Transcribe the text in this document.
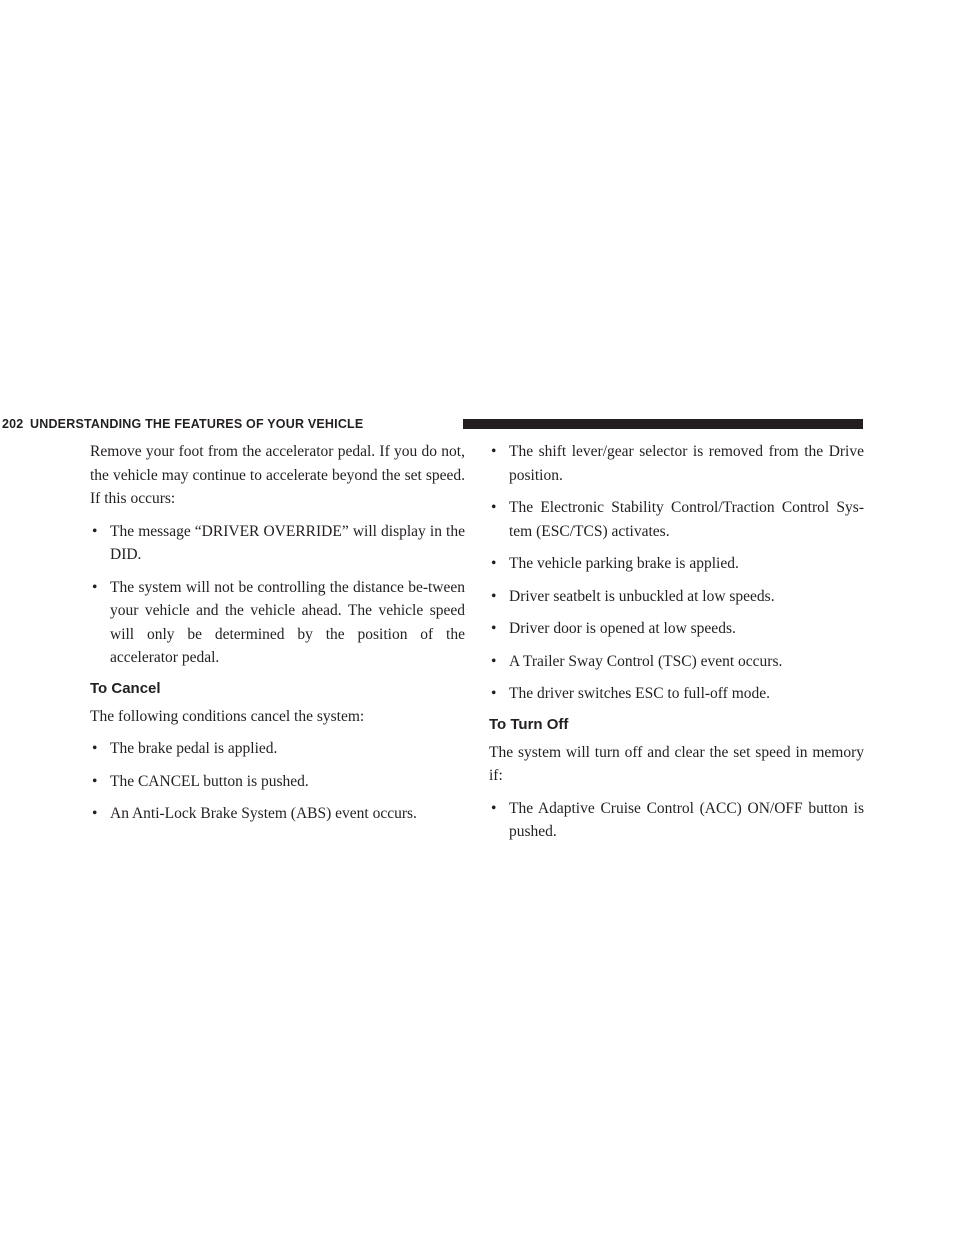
202 UNDERSTANDING THE FEATURES OF YOUR VEHICLE

Remove your foot from the accelerator pedal. If you do not, the vehicle may continue to accelerate beyond the set speed. If this occurs:

• The message “DRIVER OVERRIDE” will display in the DID.
• The system will not be controlling the distance be-tween your vehicle and the vehicle ahead. The vehicle speed will only be determined by the position of the accelerator pedal.
To Cancel

The following conditions cancel the system:

• The brake pedal is applied.
• The CANCEL button is pushed.
• An Anti-Lock Brake System (ABS) event occurs.
• The shift lever/gear selector is removed from the Drive position.
• The Electronic Stability Control/Traction Control Sys-tem (ESC/TCS) activates.
• The vehicle parking brake is applied.
• Driver seatbelt is unbuckled at low speeds.
• Driver door is opened at low speeds.
• A Trailer Sway Control (TSC) event occurs.
• The driver switches ESC to full-off mode.
To Turn Off

The system will turn off and clear the set speed in memory if:

• The Adaptive Cruise Control (ACC) ON/OFF button is pushed.
